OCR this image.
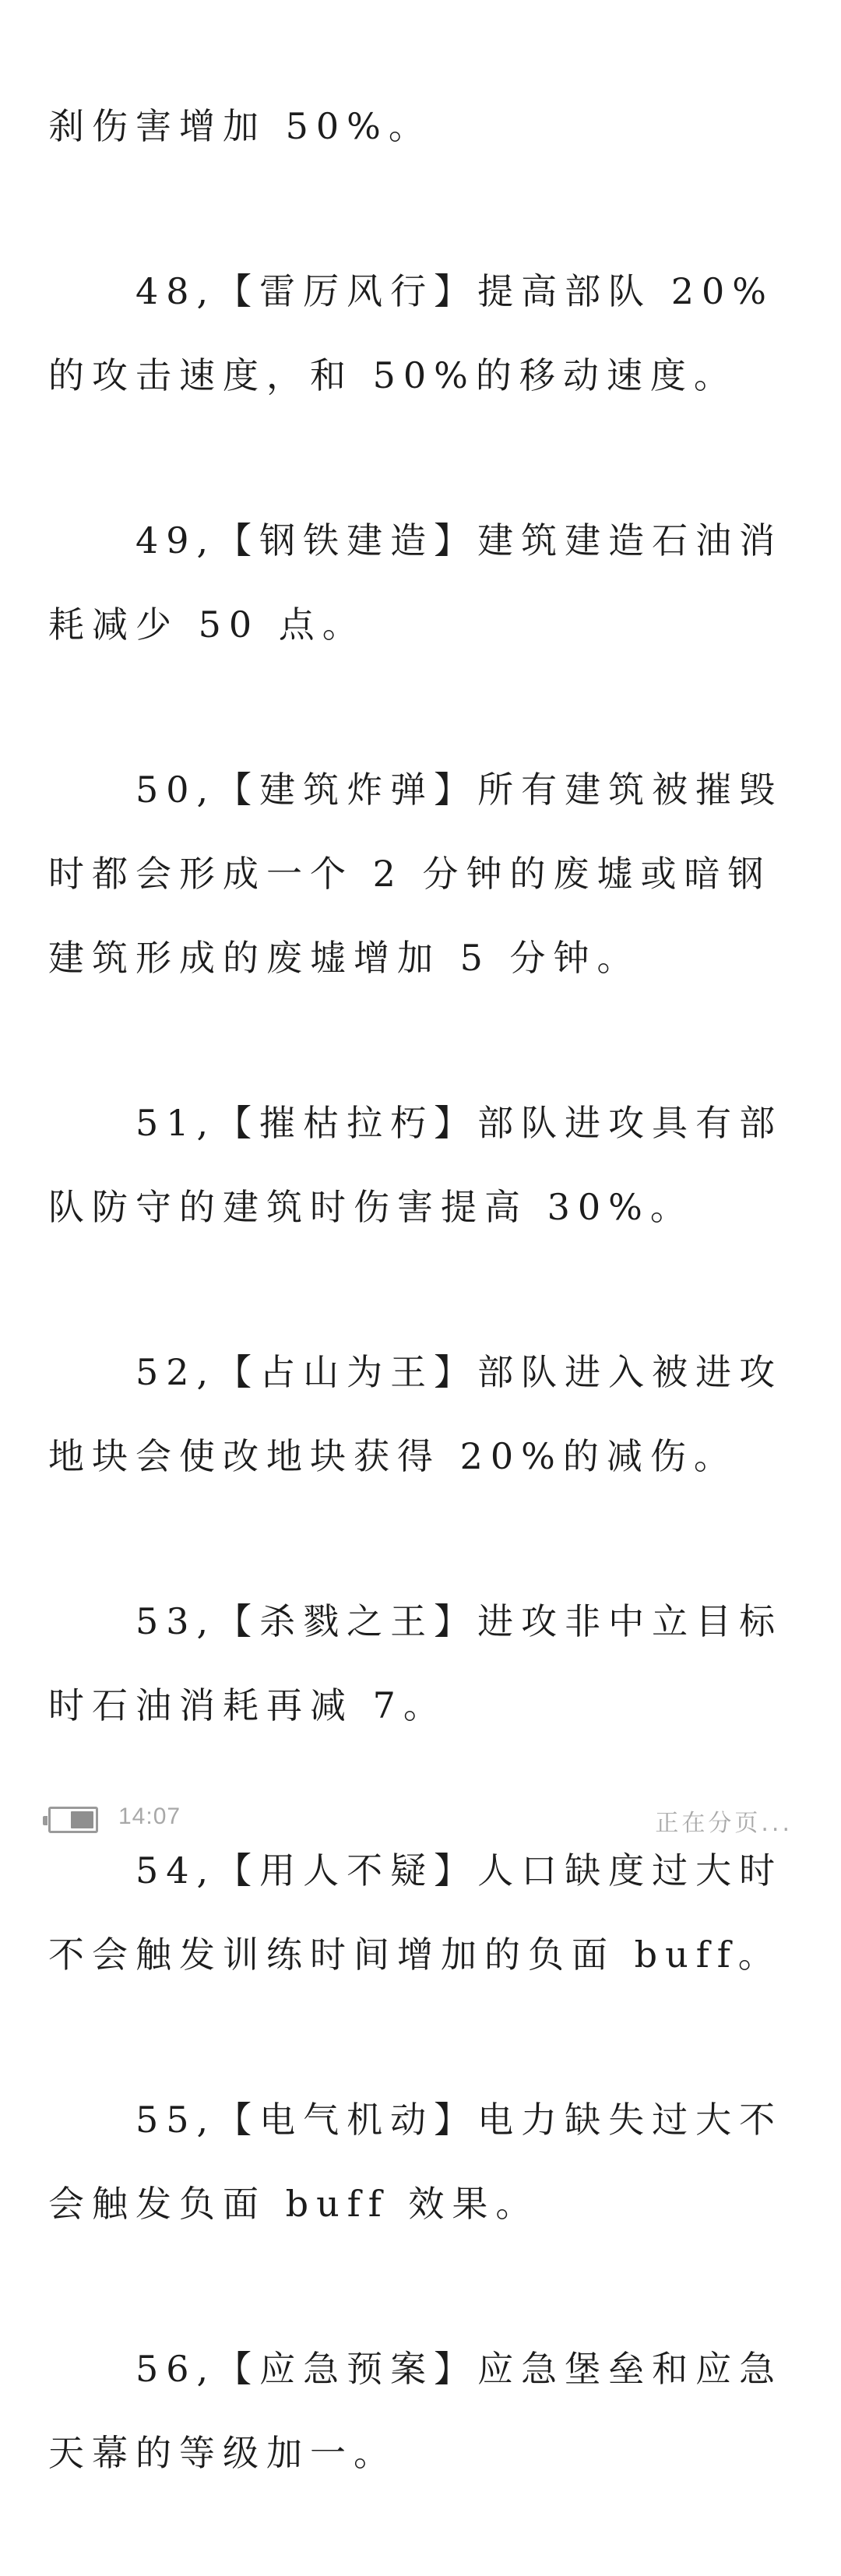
刹伤害增加 50%。

48,【雷厉风行】提高部队 20%的攻击速度，和 50%的移动速度。

49,【钢铁建造】建筑建造石油消耗减少 50 点。

50,【建筑炸弹】所有建筑被摧毁时都会形成一个 2 分钟的废墟或暗钢建筑形成的废墟增加 5 分钟。

51,【摧枯拉朽】部队进攻具有部队防守的建筑时伤害提高 30%。

52,【占山为王】部队进入被进攻地块会使改地块获得 20%的减伤。

53,【杀戮之王】进攻非中立目标时石油消耗再减 7。

54,【用人不疑】人口缺度过大时不会触发训练时间增加的负面 buff。

55,【电气机动】电力缺失过大不会触发负面 buff 效果。

56,【应急预案】应急堡垒和应急天幕的等级加一。

14:07	正在分页...
